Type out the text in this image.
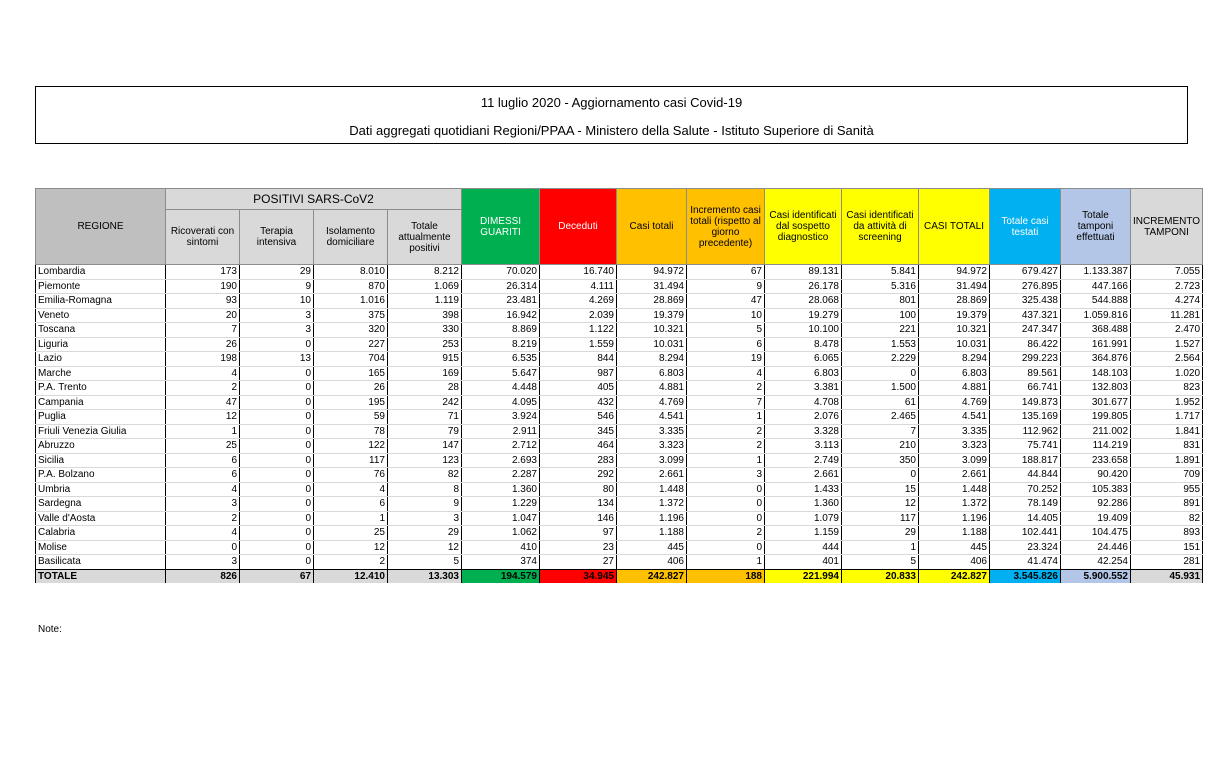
11 luglio 2020 - Aggiornamento casi Covid-19
Dati aggregati quotidiani Regioni/PPAA - Ministero della Salute - Istituto Superiore di Sanità
REGIONE	POSITIVI SARS-CoV2				DIMESSI GUARITI	Deceduti	Casi totali	Incremento casi totali (rispetto al giorno precedente)	Casi identificati dal sospetto diagnostico	Casi identificati da attività di screening	CASI TOTALI	Totale casi testati	Totale tamponi effettuati	INCREMENTO TAMPONI
	Ricoverati con sintomi	Terapia intensiva	Isolamento domiciliare	Totale attualmente positivi										
Lombardia	173	29	8.010	8.212	70.020	16.740	94.972	67	89.131	5.841	94.972	679.427	1.133.387	7.055
Piemonte	190	9	870	1.069	26.314	4.111	31.494	9	26.178	5.316	31.494	276.895	447.166	2.723
Emilia-Romagna	93	10	1.016	1.119	23.481	4.269	28.869	47	28.068	801	28.869	325.438	544.888	4.274
Veneto	20	3	375	398	16.942	2.039	19.379	10	19.279	100	19.379	437.321	1.059.816	11.281
Toscana	7	3	320	330	8.869	1.122	10.321	5	10.100	221	10.321	247.347	368.488	2.470
Liguria	26	0	227	253	8.219	1.559	10.031	6	8.478	1.553	10.031	86.422	161.991	1.527
Lazio	198	13	704	915	6.535	844	8.294	19	6.065	2.229	8.294	299.223	364.876	2.564
Marche	4	0	165	169	5.647	987	6.803	4	6.803	0	6.803	89.561	148.103	1.020
P.A. Trento	2	0	26	28	4.448	405	4.881	2	3.381	1.500	4.881	66.741	132.803	823
Campania	47	0	195	242	4.095	432	4.769	7	4.708	61	4.769	149.873	301.677	1.952
Puglia	12	0	59	71	3.924	546	4.541	1	2.076	2.465	4.541	135.169	199.805	1.717
Friuli Venezia Giulia	1	0	78	79	2.911	345	3.335	2	3.328	7	3.335	112.962	211.002	1.841
Abruzzo	25	0	122	147	2.712	464	3.323	2	3.113	210	3.323	75.741	114.219	831
Sicilia	6	0	117	123	2.693	283	3.099	1	2.749	350	3.099	188.817	233.658	1.891
P.A. Bolzano	6	0	76	82	2.287	292	2.661	3	2.661	0	2.661	44.844	90.420	709
Umbria	4	0	4	8	1.360	80	1.448	0	1.433	15	1.448	70.252	105.383	955
Sardegna	3	0	6	9	1.229	134	1.372	0	1.360	12	1.372	78.149	92.286	891
Valle d'Aosta	2	0	1	3	1.047	146	1.196	0	1.079	117	1.196	14.405	19.409	82
Calabria	4	0	25	29	1.062	97	1.188	2	1.159	29	1.188	102.441	104.475	893
Molise	0	0	12	12	410	23	445	0	444	1	445	23.324	24.446	151
Basilicata	3	0	2	5	374	27	406	1	401	5	406	41.474	42.254	281
TOTALE	826	67	12.410	13.303	194.579	34.945	242.827	188	221.994	20.833	242.827	3.545.826	5.900.552	45.931
Note:
